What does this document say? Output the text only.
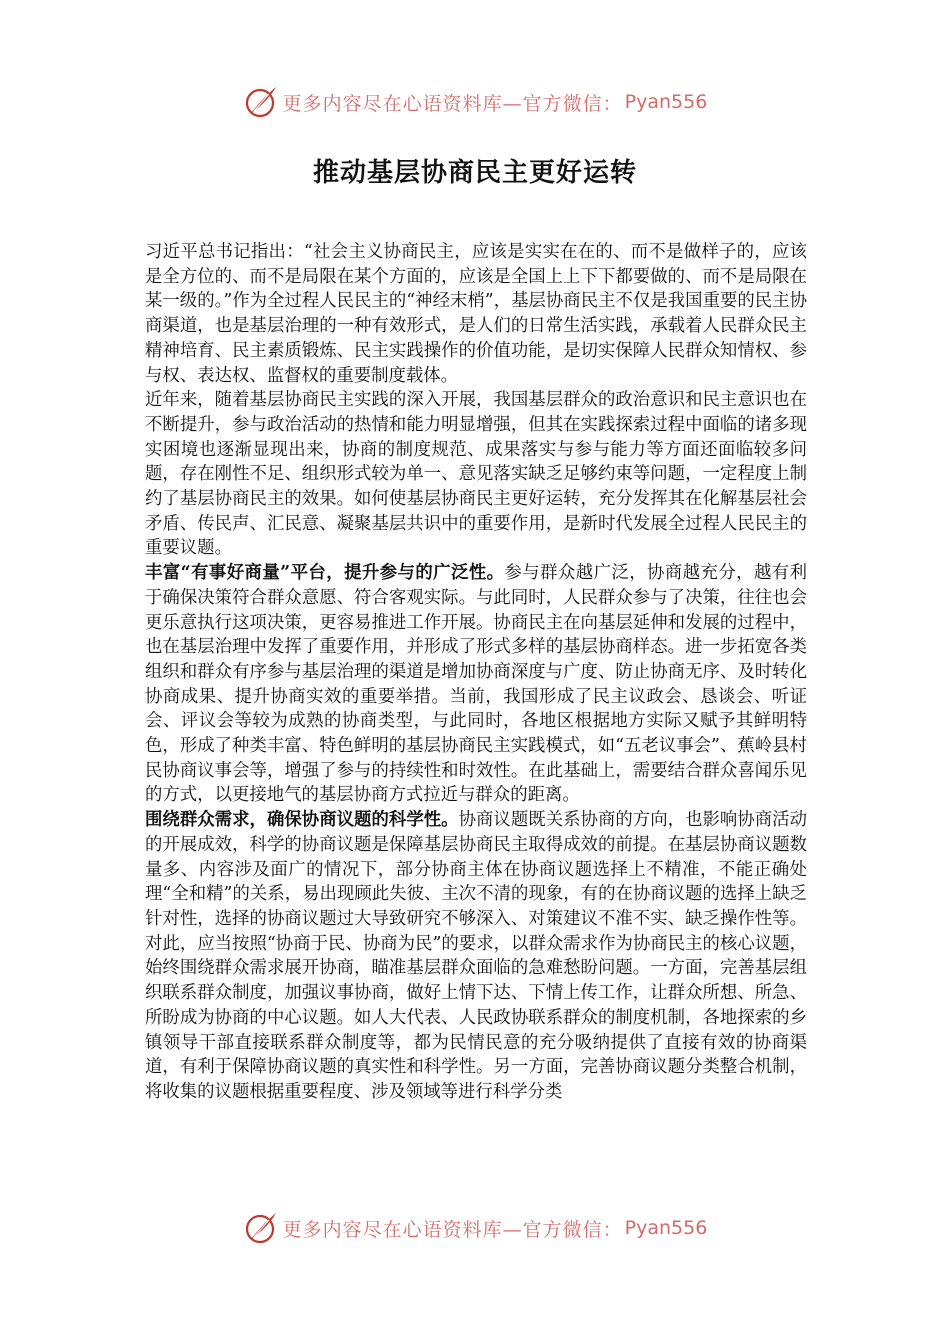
更多内容尽在心语资料库—官方微信： Pyan556
推动基层协商民主更好运转

习近平总书记指出：“社会主义协商民主，应该是实实在在的、而不是做样子的，应该是全方位的、而不是局限在某个方面的，应该是全国上上下下都要做的、而不是局限在某一级的。”作为全过程人民民主的“神经末梢”，基层协商民主不仅是我国重要的民主协商渠道，也是基层治理的一种有效形式，是人们的日常生活实践，承载着人民群众民主精神培育、民主素质锻炼、民主实践操作的价值功能，是切实保障人民群众知情权、参与权、表达权、监督权的重要制度载体。

近年来，随着基层协商民主实践的深入开展，我国基层群众的政治意识和民主意识也在不断提升，参与政治活动的热情和能力明显增强，但其在实践探索过程中面临的诸多现实困境也逐渐显现出来，协商的制度规范、成果落实与参与能力等方面还面临较多问题，存在刚性不足、组织形式较为单一、意见落实缺乏足够约束等问题，一定程度上制约了基层协商民主的效果。如何使基层协商民主更好运转，充分发挥其在化解基层社会矛盾、传民声、汇民意、凝聚基层共识中的重要作用，是新时代发展全过程人民民主的重要议题。

丰富“有事好商量”平台，提升参与的广泛性。参与群众越广泛，协商越充分，越有利于确保决策符合群众意愿、符合客观实际。与此同时，人民群众参与了决策，往往也会更乐意执行这项决策，更容易推进工作开展。协商民主在向基层延伸和发展的过程中，也在基层治理中发挥了重要作用，并形成了形式多样的基层协商样态。进一步拓宽各类组织和群众有序参与基层治理的渠道是增加协商深度与广度、防止协商无序、及时转化协商成果、提升协商实效的重要举措。当前，我国形成了民主议政会、恳谈会、听证会、评议会等较为成熟的协商类型，与此同时，各地区根据地方实际又赋予其鲜明特色，形成了种类丰富、特色鲜明的基层协商民主实践模式，如“五老议事会”、蕉岭县村民协商议事会等，增强了参与的持续性和时效性。在此基础上，需要结合群众喜闻乐见的方式，以更接地气的基层协商方式拉近与群众的距离。

围绕群众需求，确保协商议题的科学性。协商议题既关系协商的方向，也影响协商活动的开展成效，科学的协商议题是保障基层协商民主取得成效的前提。在基层协商议题数量多、内容涉及面广的情况下，部分协商主体在协商议题选择上不精准，不能正确处理“全和精”的关系，易出现顾此失彼、主次不清的现象，有的在协商议题的选择上缺乏针对性，选择的协商议题过大导致研究不够深入、对策建议不准不实、缺乏操作性等。对此，应当按照“协商于民、协商为民”的要求，以群众需求作为协商民主的核心议题，始终围绕群众需求展开协商，瞄准基层群众面临的急难愁盼问题。一方面，完善基层组织联系群众制度，加强议事协商，做好上情下达、下情上传工作，让群众所想、所急、所盼成为协商的中心议题。如人大代表、人民政协联系群众的制度机制，各地探索的乡镇领导干部直接联系群众制度等，都为民情民意的充分吸纳提供了直接有效的协商渠道，有利于保障协商议题的真实性和科学性。另一方面，完善协商议题分类整合机制，将收集的议题根据重要程度、涉及领域等进行科学分类

更多内容尽在心语资料库—官方微信： Pyan556
